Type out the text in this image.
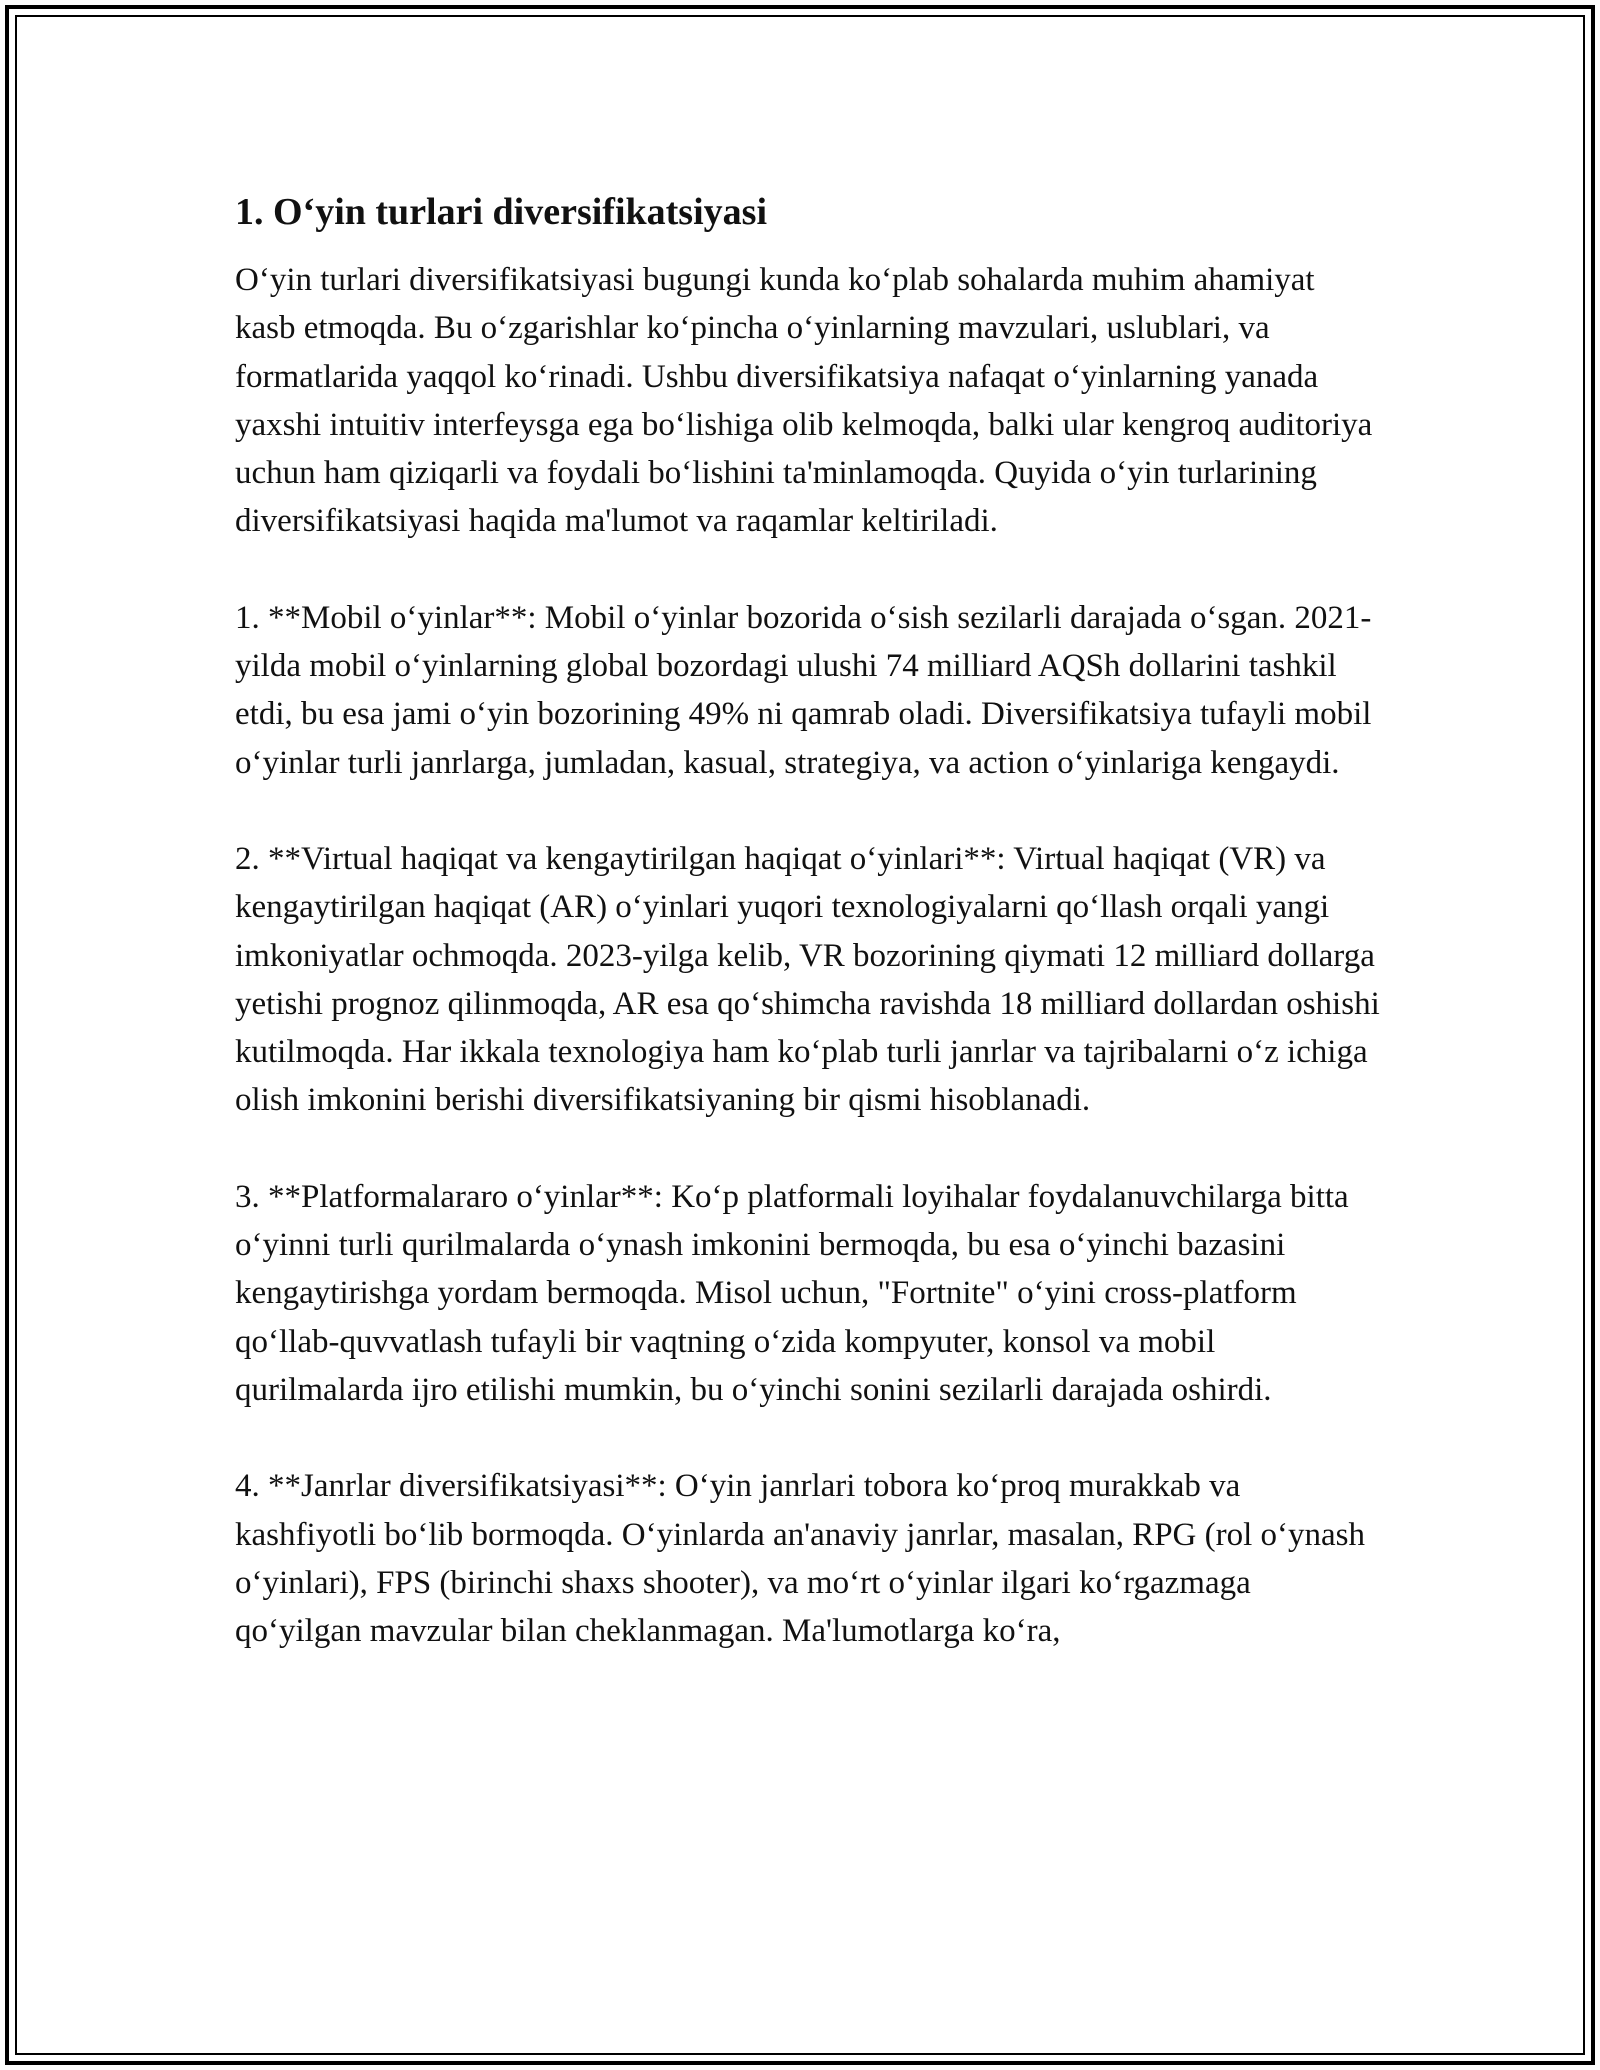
1. O‘yin turlari diversifikatsiyasi

O‘yin turlari diversifikatsiyasi bugungi kunda ko‘plab sohalarda muhim ahamiyat kasb etmoqda. Bu o‘zgarishlar ko‘pincha o‘yinlarning mavzulari, uslublari, va formatlarida yaqqol ko‘rinadi. Ushbu diversifikatsiya nafaqat o‘yinlarning yanada yaxshi intuitiv interfeysga ega bo‘lishiga olib kelmoqda, balki ular kengroq auditoriya uchun ham qiziqarli va foydali bo‘lishini ta'minlamoqda. Quyida o‘yin turlarining diversifikatsiyasi haqida ma'lumot va raqamlar keltiriladi.

1. **Mobil o‘yinlar**: Mobil o‘yinlar bozorida o‘sish sezilarli darajada o‘sgan. 2021-yilda mobil o‘yinlarning global bozordagi ulushi 74 milliard AQSh dollarini tashkil etdi, bu esa jami o‘yin bozorining 49% ni qamrab oladi. Diversifikatsiya tufayli mobil o‘yinlar turli janrlarga, jumladan, kasual, strategiya, va action o‘yinlariga kengaydi.

2. **Virtual haqiqat va kengaytirilgan haqiqat o‘yinlari**: Virtual haqiqat (VR) va kengaytirilgan haqiqat (AR) o‘yinlari yuqori texnologiyalarni qo‘llash orqali yangi imkoniyatlar ochmoqda. 2023-yilga kelib, VR bozorining qiymati 12 milliard dollarga yetishi prognoz qilinmoqda, AR esa qo‘shimcha ravishda 18 milliard dollardan oshishi kutilmoqda. Har ikkala texnologiya ham ko‘plab turli janrlar va tajribalarni o‘z ichiga olish imkonini berishi diversifikatsiyaning bir qismi hisoblanadi.

3. **Platformalararo o‘yinlar**: Ko‘p platformali loyihalar foydalanuvchilarga bitta o‘yinni turli qurilmalarda o‘ynash imkonini bermoqda, bu esa o‘yinchi bazasini kengaytirishga yordam bermoqda. Misol uchun, "Fortnite" o‘yini cross-platform qo‘llab-quvvatlash tufayli bir vaqtning o‘zida kompyuter, konsol va mobil qurilmalarda ijro etilishi mumkin, bu o‘yinchi sonini sezilarli darajada oshirdi.

4. **Janrlar diversifikatsiyasi**: O‘yin janrlari tobora ko‘proq murakkab va kashfiyotli bo‘lib bormoqda. O‘yinlarda an'anaviy janrlar, masalan, RPG (rol o‘ynash o‘yinlari), FPS (birinchi shaxs shooter), va mo‘rt o‘yinlar ilgari ko‘rgazmaga qo‘yilgan mavzular bilan cheklanmagan. Ma'lumotlarga ko‘ra,
